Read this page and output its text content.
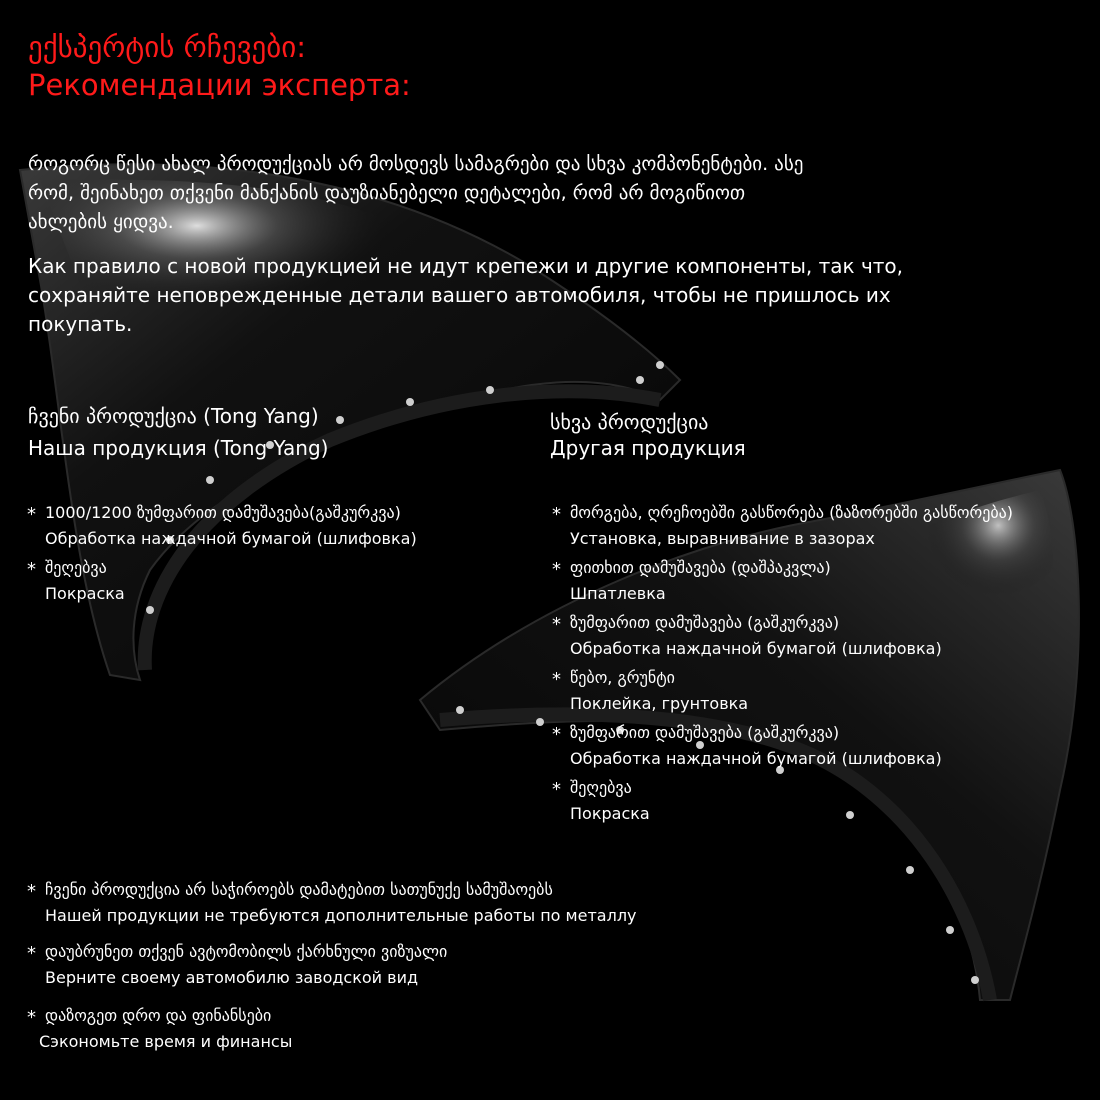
ექსპერტის რჩევები:
Рекомендации эксперта:
როგორც წესი ახალ პროდუქციას არ მოსდევს სამაგრები და სხვა კომპონენტები. ასე
რომ, შეინახეთ თქვენი მანქანის დაუზიანებელი დეტალები, რომ არ მოგიწიოთ
ახლების ყიდვა.
Как правило с новой продукцией не идут крепежи и другие компоненты, так что,
сохраняйте неповрежденные детали вашего автомобиля, чтобы не пришлось их
покупать.
ჩვენი პროდუქცია (Tong Yang)
Наша продукция (Tong Yang)
* 1000/1200 ზუმფარით დამუშავება(გაშკურკვა)
Обработка наждачной бумагой (шлифовка)
* შეღებვა
Покраска
სხვა პროდუქცია
Другая продукция
* მორგება, ღრეჩოებში გასწორება (ზაზორებში გასწორება)
Установка, выравнивание в зазорах
* ფითხით დამუშავება (დაშპაკვლა)
Шпатлевка
* ზუმფარით დამუშავება (გაშკურკვა)
Обработка наждачной бумагой (шлифовка)
* წებო, გრუნტი
Поклейка, грунтовка
* ზუმფარით დამუშავება (გაშკურკვა)
Обработка наждачной бумагой (шлифовка)
* შეღებვა
Покраска
* ჩვენი პროდუქცია არ საჭიროებს დამატებით სათუნუქე სამუშაოებს
Нашей продукции не требуются дополнительные работы по металлу
* დაუბრუნეთ თქვენ ავტომობილს ქარხნული ვიზუალი
Верните своему автомобилю заводской вид
* დაზოგეთ დრო და ფინანსები
Сэкономьте время и финансы
